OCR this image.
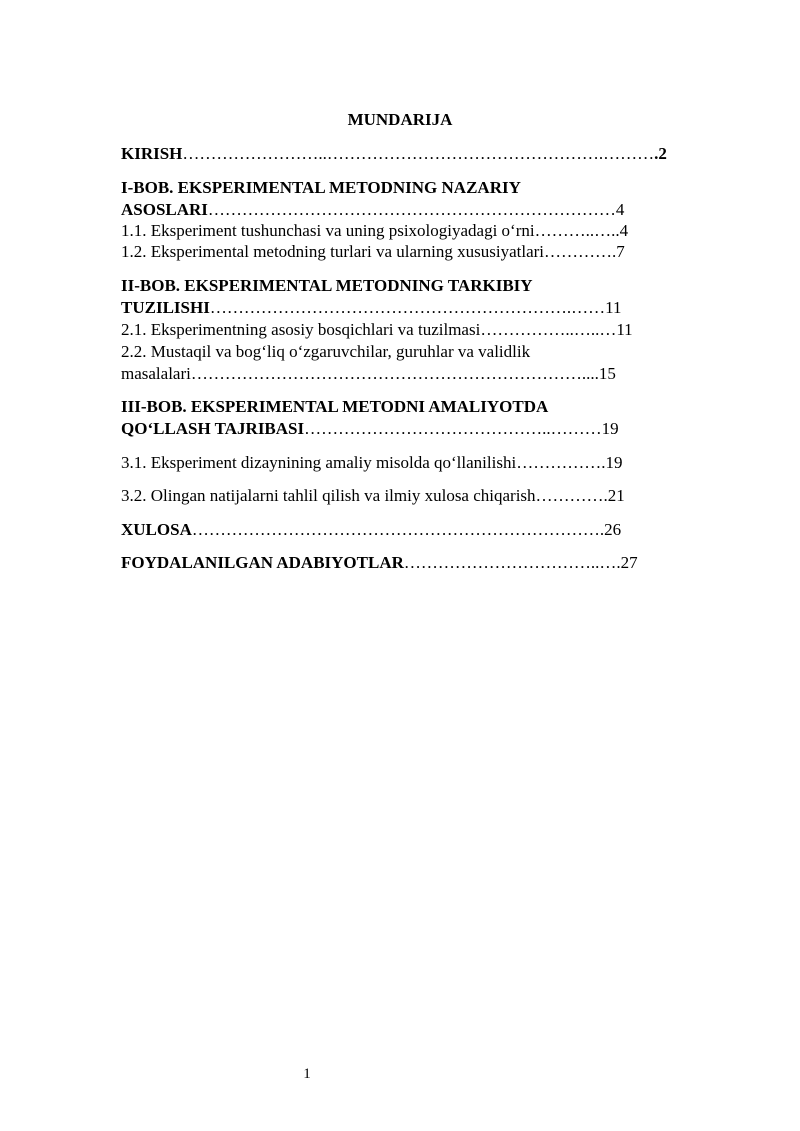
MUNDARIJA
KIRISH……………………..………………………………………….……….2
I-BOB. EKSPERIMENTAL METODNING NAZARIY
ASOSLARI………………………………………………………………4
1.1. Eksperiment tushunchasi va uning psixologiyadagi o‘rni………..…..4
1.2. Eksperimental metodning turlari va ularning xususiyatlari………….7
II-BOB. EKSPERIMENTAL METODNING TARKIBIY
TUZILISHI……………………………………………………….……11
2.1. Eksperimentning asosiy bosqichlari va tuzilmasi……………..…..…11
2.2. Mustaqil va bog‘liq o‘zgaruvchilar, guruhlar va validlik
masalalari……………………………………………………………....15
III-BOB. EKSPERIMENTAL METODNI AMALIYOTDA
QO‘LLASH TAJRIBASI……………………………………..………19
3.1. Eksperiment dizaynining amaliy misolda qo‘llanilishi…………….19
3.2. Olingan natijalarni tahlil qilish va ilmiy xulosa chiqarish………….21
XULOSA……………………………………………………………….26
FOYDALANILGAN ADABIYOTLAR……………………………..….27
1
